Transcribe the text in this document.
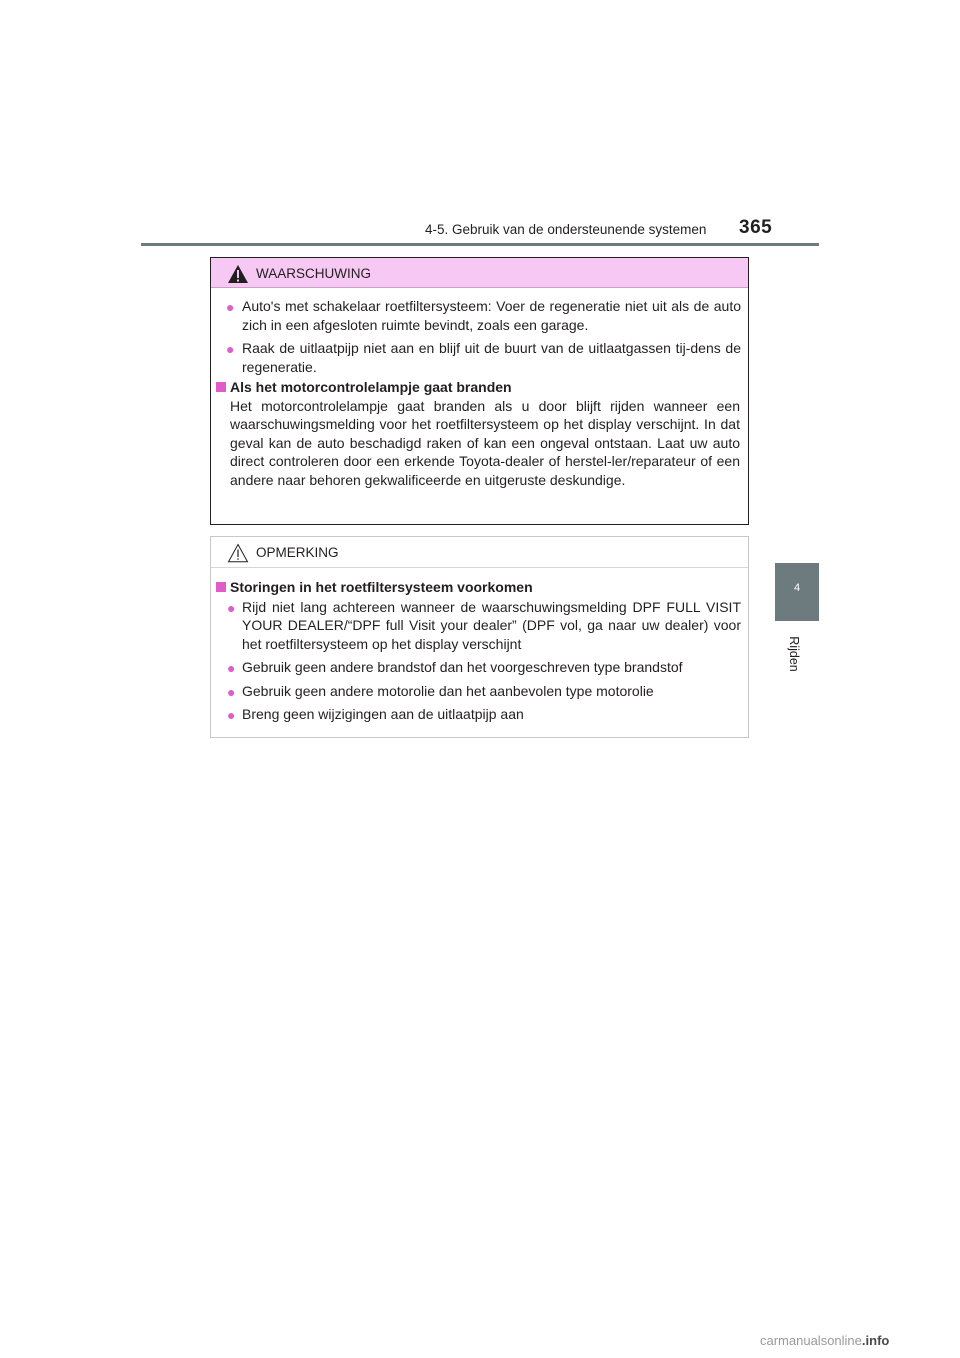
4-5. Gebruik van de ondersteunende systemen	365
4
Rijden
WAARSCHUWING
● Auto's met schakelaar roetfiltersysteem: Voer de regeneratie niet uit als de auto zich in een afgesloten ruimte bevindt, zoals een garage.
● Raak de uitlaatpijp niet aan en blijf uit de buurt van de uitlaatgassen tij-dens de regeneratie.
Als het motorcontrolelampje gaat branden
Het motorcontrolelampje gaat branden als u door blijft rijden wanneer een waarschuwingsmelding voor het roetfiltersysteem op het display verschijnt. In dat geval kan de auto beschadigd raken of kan een ongeval ontstaan. Laat uw auto direct controleren door een erkende Toyota-dealer of herstel-ler/reparateur of een andere naar behoren gekwalificeerde en uitgeruste deskundige.
OPMERKING
Storingen in het roetfiltersysteem voorkomen
● Rijd niet lang achtereen wanneer de waarschuwingsmelding DPF FULL VISIT YOUR DEALER/“DPF full Visit your dealer” (DPF vol, ga naar uw dealer) voor het roetfiltersysteem op het display verschijnt
● Gebruik geen andere brandstof dan het voorgeschreven type brandstof
● Gebruik geen andere motorolie dan het aanbevolen type motorolie
● Breng geen wijzigingen aan de uitlaatpijp aan
carmanualsonline.info
